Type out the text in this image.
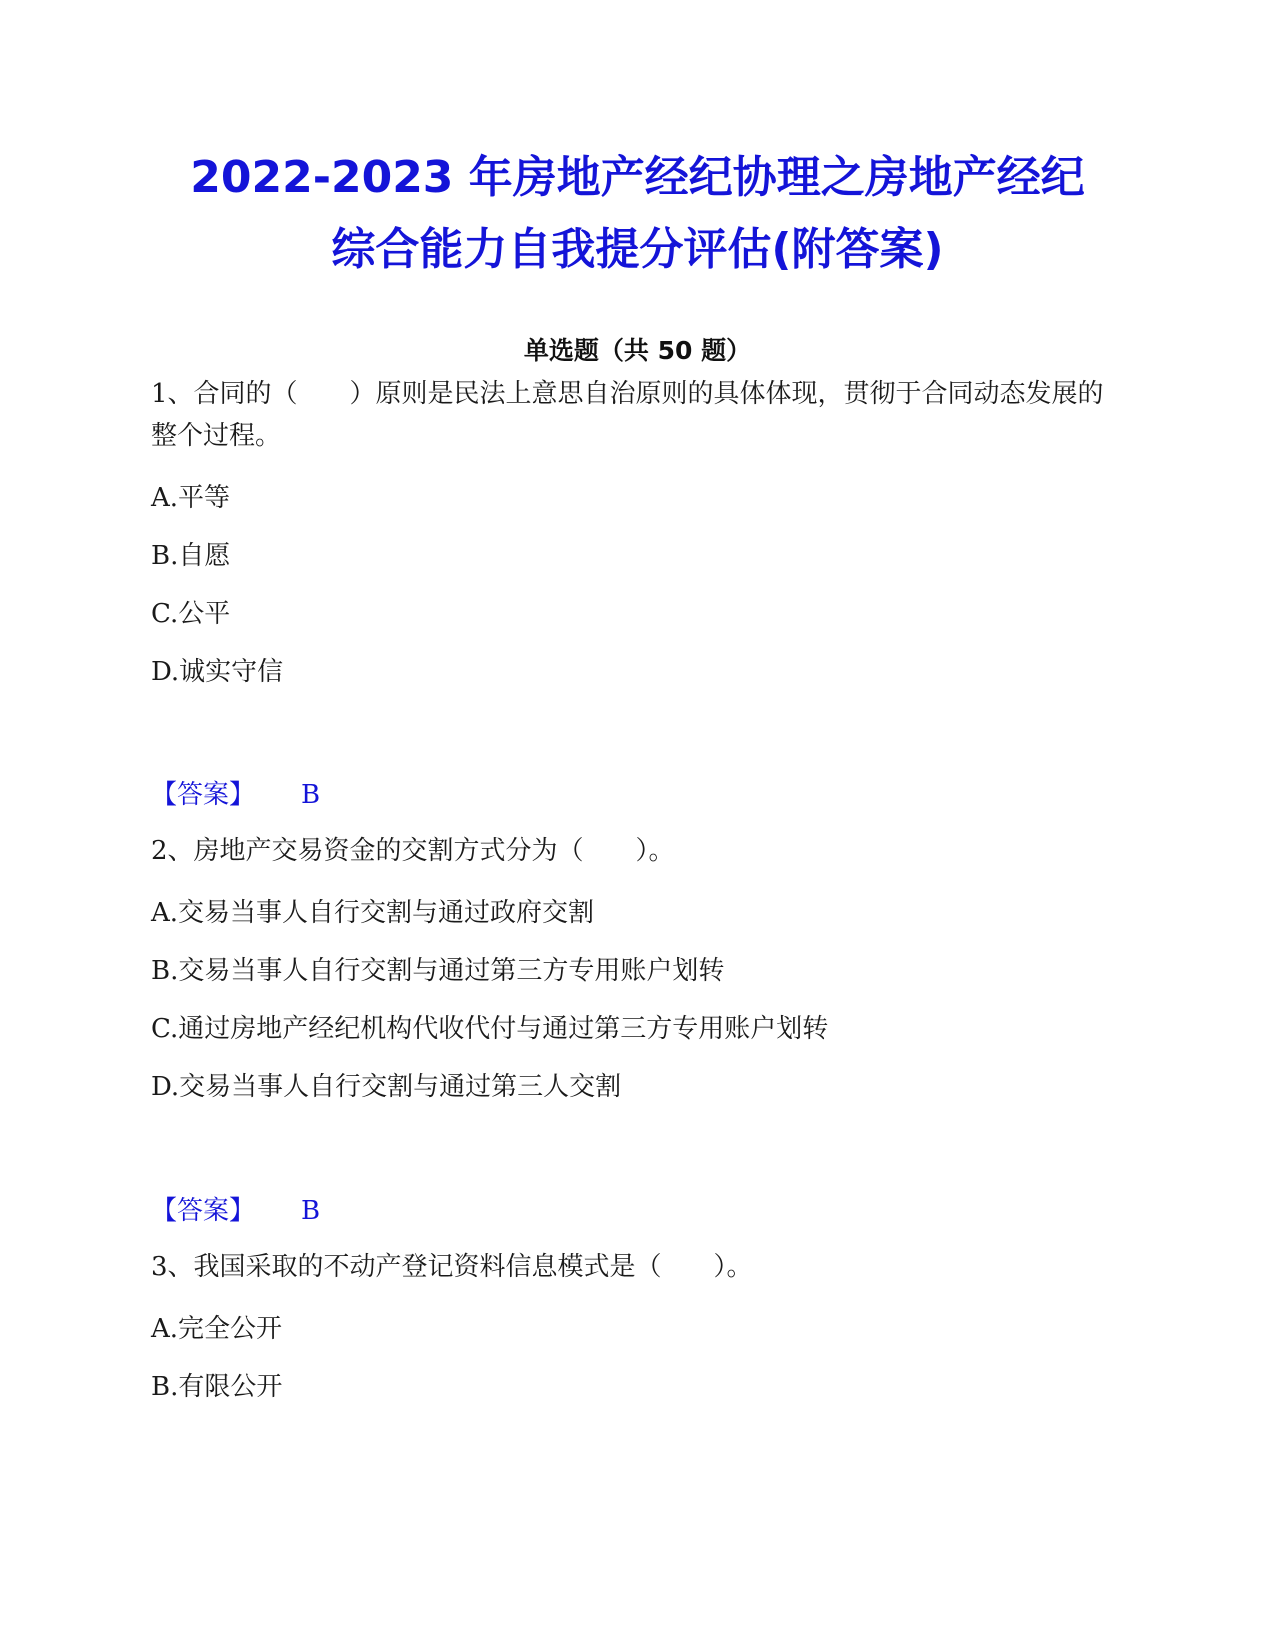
2022-2023 年房地产经纪协理之房地产经纪
综合能力自我提分评估(附答案)
单选题（共 50 题）

1、合同的（　　）原则是民法上意思自治原则的具体体现，贯彻于合同动态发展的整个过程。

A.平等

B.自愿

C.公平

D.诚实守信

【答案】 B

2、房地产交易资金的交割方式分为（　　）。

A.交易当事人自行交割与通过政府交割

B.交易当事人自行交割与通过第三方专用账户划转

C.通过房地产经纪机构代收代付与通过第三方专用账户划转

D.交易当事人自行交割与通过第三人交割

【答案】 B

3、我国采取的不动产登记资料信息模式是（　　）。

A.完全公开

B.有限公开
